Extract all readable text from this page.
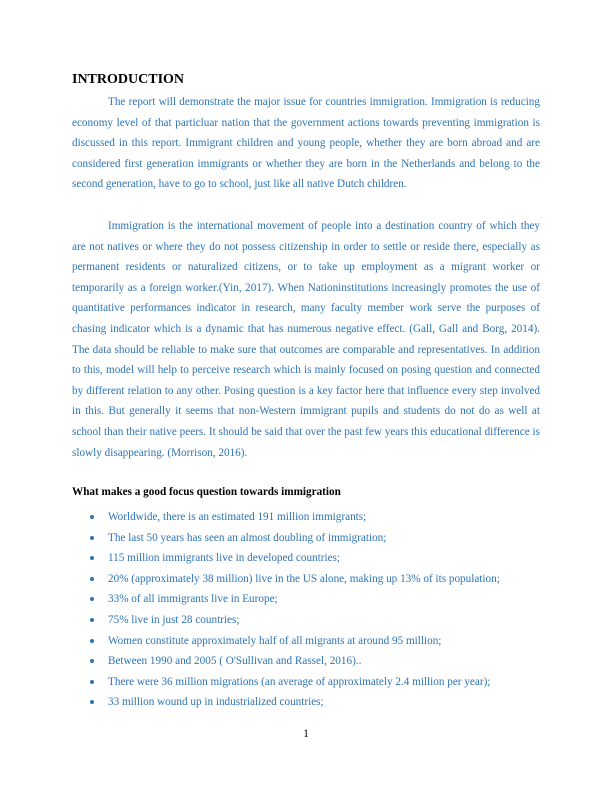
INTRODUCTION

The report will demonstrate the major issue for countries immigration. Immigration is reducing economy level of that particluar nation that the government actions towards preventing immigration is discussed in this report. Immigrant children and young people, whether they are born abroad and are considered first generation immigrants or whether they are born in the Netherlands and belong to the second generation, have to go to school, just like all native Dutch children.

Immigration is the international movement of people into a destination country of which they are not natives or where they do not possess citizenship in order to settle or reside there, especially as permanent residents or naturalized citizens, or to take up employment as a migrant worker or temporarily as a foreign worker.(Yin, 2017). When Nationinstitutions increasingly promotes the use of quantitative performances indicator in research, many faculty member work serve the purposes of chasing indicator which is a dynamic that has numerous negative effect. (Gall, Gall and Borg, 2014). The data should be reliable to make sure that outcomes are comparable and representatives. In addition to this, model will help to perceive research which is mainly focused on posing question and connected by different relation to any other. Posing question is a key factor here that influence every step involved in this. But generally it seems that non-Western immigrant pupils and students do not do as well at school than their native peers. It should be said that over the past few years this educational difference is slowly disappearing. (Morrison, 2016).

What makes a good focus question towards immigration
Worldwide, there is an estimated 191 million immigrants;
The last 50 years has seen an almost doubling of immigration;
115 million immigrants live in developed countries;
20% (approximately 38 million) live in the US alone, making up 13% of its population;
33% of all immigrants live in Europe;
75% live in just 28 countries;
Women constitute approximately half of all migrants at around 95 million;
Between 1990 and 2005 ( O'Sullivan and Rassel, 2016)..
There were 36 million migrations (an average of approximately 2.4 million per year);
33 million wound up in industrialized countries;
1
